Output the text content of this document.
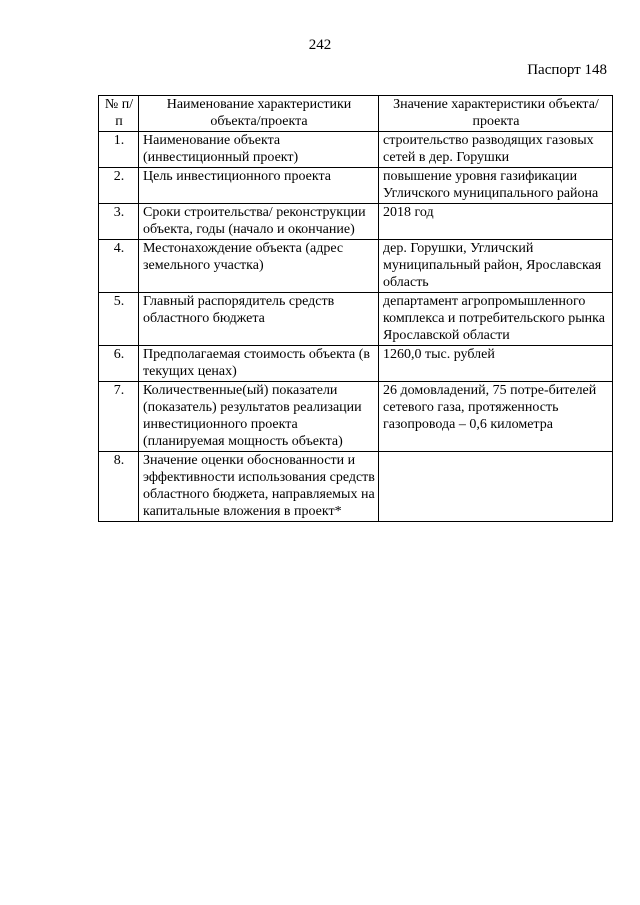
242
Паспорт 148
№ п/п	Наименование характеристики объекта/проекта	Значение характеристики объекта/проекта
1.	Наименование объекта (инвестиционный проект)	строительство разводящих газовых сетей в дер. Горушки
2.	Цель инвестиционного проекта	повышение уровня газификации Угличского муниципального района
3.	Сроки строительства/ реконструкции объекта, годы (начало и окончание)	2018 год
4.	Местонахождение объекта (адрес земельного участка)	дер. Горушки, Угличский муниципальный район, Ярославская область
5.	Главный распорядитель средств областного бюджета	департамент агропромышленного комплекса и потребительского рынка Ярославской области
6.	Предполагаемая стоимость объекта (в текущих ценах)	1260,0 тыс. рублей
7.	Количественные(ый) показатели (показатель) результатов реализации инвестиционного проекта (планируемая мощность объекта)	26 домовладений, 75 потре-бителей сетевого газа, протяженность газопровода – 0,6 километра
8.	Значение оценки обоснованности и эффективности использования средств областного бюджета, направляемых на капитальные вложения в проект*	
